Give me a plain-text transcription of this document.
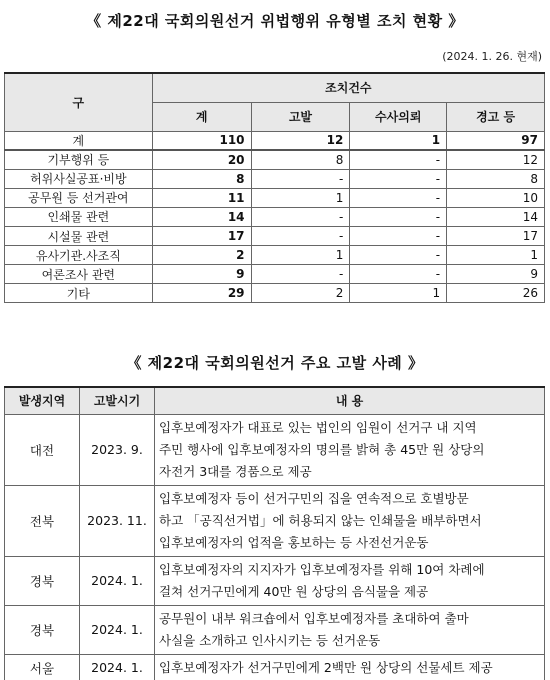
《 제22대 국회의원선거 위법행위 유형별 조치 현황 》
(2024. 1. 26. 현재)
구	조치건수			
	계	고발	수사의뢰	경고 등
계	110	12	1	97
기부행위 등	20	8	-	12
허위사실공표·비방	8	-	-	8
공무원 등 선거관여	11	1	-	10
인쇄물 관련	14	-	-	14
시설물 관련	17	-	-	17
유사기관.사조직	2	1	-	1
여론조사 관련	9	-	-	9
기타	29	2	1	26
《 제22대 국회의원선거 주요 고발 사례 》
발생지역	고발시기	내 용
대전	2023. 9.	입후보예정자가 대표로 있는 법인의 임원이 선거구 내 지역
주민 행사에 입후보예정자의 명의를 밝혀 총 45만 원 상당의
자전거 3대를 경품으로 제공

전북	2023. 11.	입후보예정자 등이 선거구민의 집을 연속적으로 호별방문
하고 「공직선거법」에 허용되지 않는 인쇄물을 배부하면서
입후보예정자의 업적을 홍보하는 등 사전선거운동

경북	2024. 1.	입후보예정자의 지지자가 입후보예정자를 위해 10여 차례에
걸쳐 선거구민에게 40만 원 상당의 음식물을 제공

경북	2024. 1.	공무원이 내부 워크숍에서 입후보예정자를 초대하여 출마
사실을 소개하고 인사시키는 등 선거운동

서울	2024. 1.	입후보예정자가 선거구민에게 2백만 원 상당의 선물세트 제공
